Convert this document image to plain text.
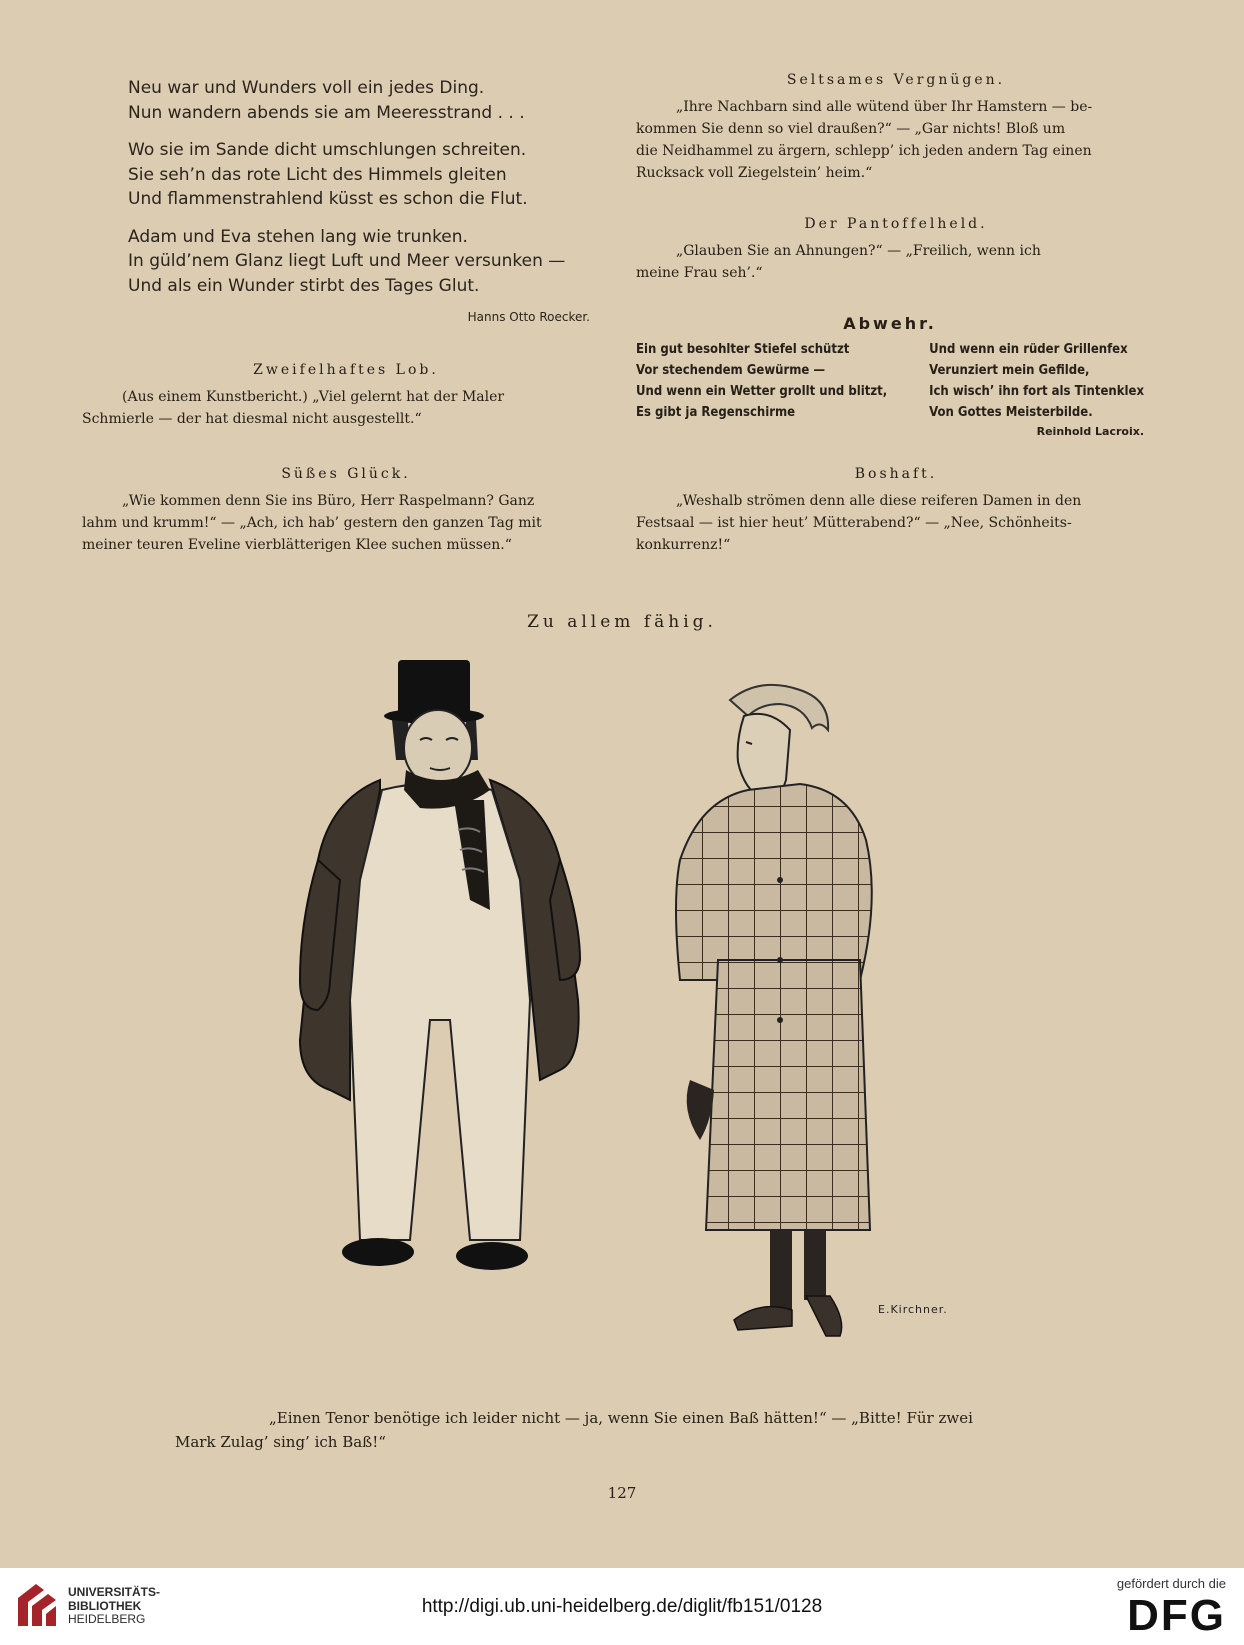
Neu war und Wunders voll ein jedes Ding.
Nun wandern abends sie am Meeresstrand . . .
Wo sie im Sande dicht umschlungen schreiten.
Sie seh’n das rote Licht des Himmels gleiten
Und flammenstrahlend küsst es schon die Flut.
Adam und Eva stehen lang wie trunken.
In güld’nem Glanz liegt Luft und Meer versunken —
Und als ein Wunder stirbt des Tages Glut.
Hanns Otto Roecker.
Zweifelhaftes Lob.
(Aus einem Kunstbericht.) „Viel gelernt hat der Maler
Schmierle — der hat diesmal nicht ausgestellt.“
Süßes Glück.
„Wie kommen denn Sie ins Büro, Herr Raspelmann? Ganz
lahm und krumm!“ — „Ach, ich hab’ gestern den ganzen Tag mit
meiner teuren Eveline vierblätterigen Klee suchen müssen.“
Seltsames Vergnügen.
„Ihre Nachbarn sind alle wütend über Ihr Hamstern — be-
kommen Sie denn so viel draußen?“ — „Gar nichts! Bloß um
die Neidhammel zu ärgern, schlepp’ ich jeden andern Tag einen
Rucksack voll Ziegelstein’ heim.“
Der Pantoffelheld.
„Glauben Sie an Ahnungen?“ — „Freilich, wenn ich
meine Frau seh’.“
Abwehr.
Ein gut besohlter Stiefel schützt
Vor stechendem Gewürme —
Und wenn ein Wetter grollt und blitzt,
Es gibt ja Regenschirme
Und wenn ein rüder Grillenfex
Verunziert mein Gefilde,
Ich wisch’ ihn fort als Tintenklex
Von Gottes Meisterbilde.
Reinhold Lacroix.
Boshaft.
„Weshalb strömen denn alle diese reiferen Damen in den
Festsaal — ist hier heut’ Mütterabend?“ — „Nee, Schönheits-
konkurrenz!“
Zu allem fähig.
E.Kirchner.
„Einen Tenor benötige ich leider nicht — ja, wenn Sie einen Baß hätten!“ — „Bitte! Für zwei
Mark Zulag’ sing’ ich Baß!“
127
UNIVERSITÄTS-
BIBLIOTHEK
HEIDELBERG
http://digi.ub.uni-heidelberg.de/diglit/fb151/0128
gefördert durch die
DFG
